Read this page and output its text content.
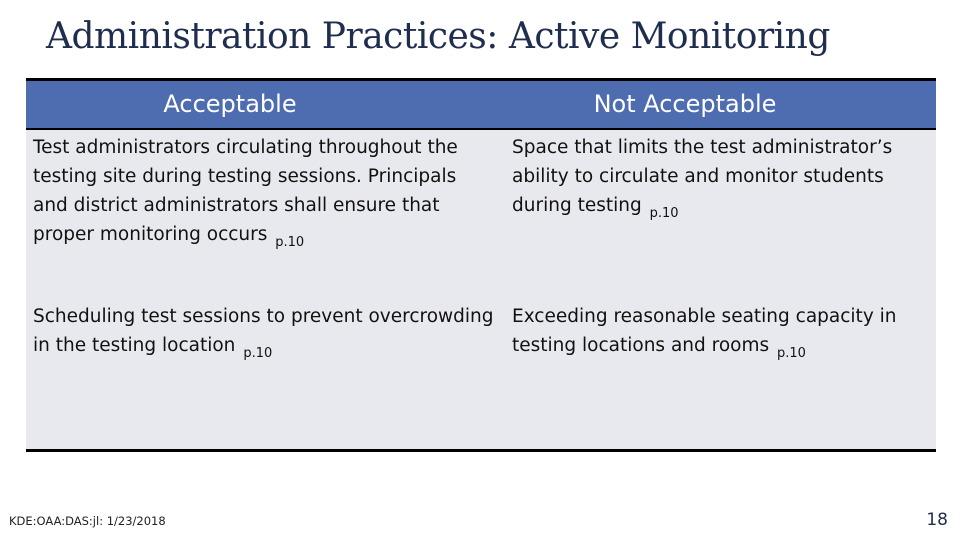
Administration Practices: Active Monitoring
Acceptable	Not Acceptable
Test administrators circulating throughout the testing site during testing sessions. Principals and district administrators shall ensure that proper monitoring occurs $_{p.10}$
Space that limits the test administrator’s ability to circulate and monitor students during testing $_{p.10}$
Scheduling test sessions to prevent overcrowding in the testing location $_{p.10}$
Exceeding reasonable seating capacity in testing locations and rooms $_{p.10}$
KDE:OAA:DAS:jl: 1/23/2018	18
